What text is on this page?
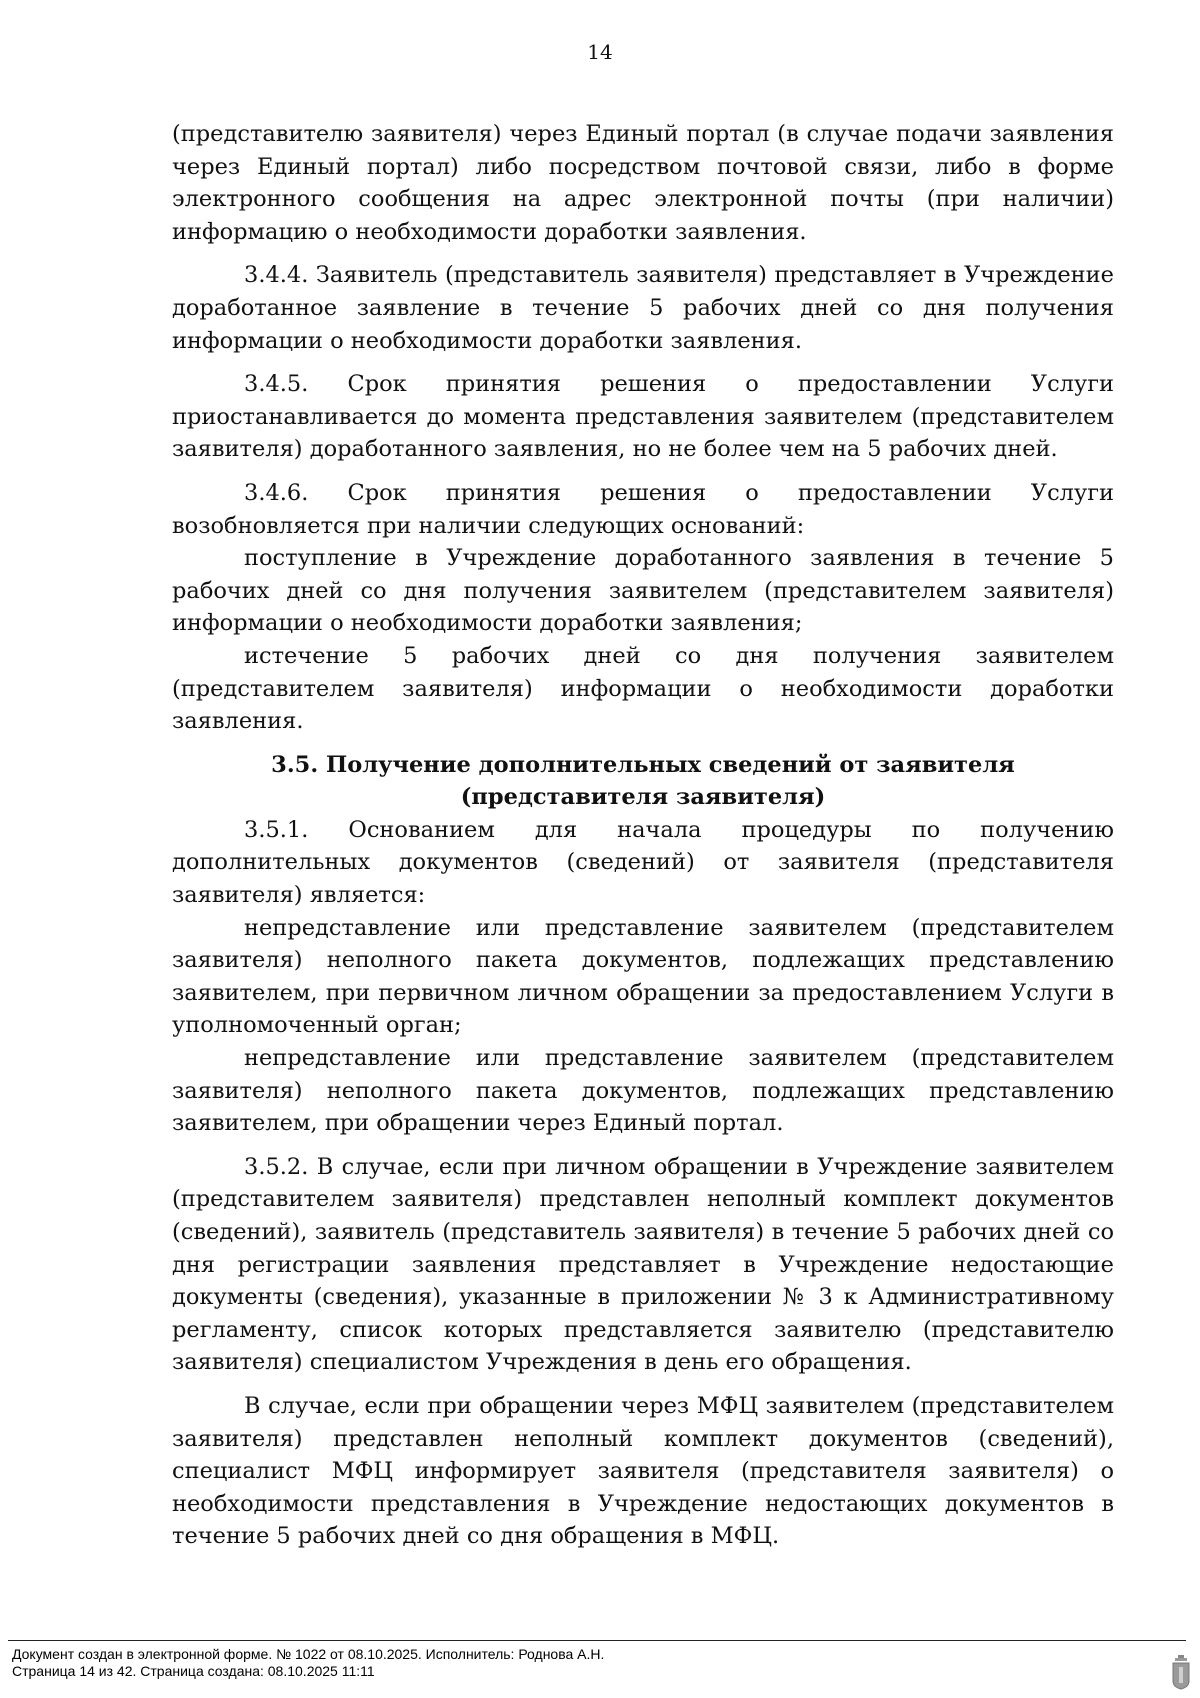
14

(представителю заявителя) через Единый портал (в случае подачи заявления через Единый портал) либо посредством почтовой связи, либо в форме электронного сообщения на адрес электронной почты (при наличии) информацию о необходимости доработки заявления.

3.4.4. Заявитель (представитель заявителя) представляет в Учреждение доработанное заявление в течение 5 рабочих дней со дня получения информации о необходимости доработки заявления.

3.4.5. Срок принятия решения о предоставлении Услуги приостанавливается до момента представления заявителем (представителем заявителя) доработанного заявления, но не более чем на 5 рабочих дней.

3.4.6. Срок принятия решения о предоставлении Услуги возобновляется при наличии следующих оснований:

поступление в Учреждение доработанного заявления в течение 5 рабочих дней со дня получения заявителем (представителем заявителя) информации о необходимости доработки заявления;

истечение 5 рабочих дней со дня получения заявителем (представителем заявителя) информации о необходимости доработки заявления.

3.5. Получение дополнительных сведений от заявителя (представителя заявителя)

3.5.1. Основанием для начала процедуры по получению дополнительных документов (сведений) от заявителя (представителя заявителя) является:

непредставление или представление заявителем (представителем заявителя) неполного пакета документов, подлежащих представлению заявителем, при первичном личном обращении за предоставлением Услуги в уполномоченный орган;

непредставление или представление заявителем (представителем заявителя) неполного пакета документов, подлежащих представлению заявителем, при обращении через Единый портал.

3.5.2. В случае, если при личном обращении в Учреждение заявителем (представителем заявителя) представлен неполный комплект документов (сведений), заявитель (представитель заявителя) в течение 5 рабочих дней со дня регистрации заявления представляет в Учреждение недостающие документы (сведения), указанные в приложении № 3 к Административному регламенту, список которых представляется заявителю (представителю заявителя) специалистом Учреждения в день его обращения.

В случае, если при обращении через МФЦ заявителем (представителем заявителя) представлен неполный комплект документов (сведений), специалист МФЦ информирует заявителя (представителя заявителя) о необходимости представления в Учреждение недостающих документов в течение 5 рабочих дней со дня обращения в МФЦ.

Документ создан в электронной форме. № 1022 от 08.10.2025. Исполнитель: Роднова А.Н.
Страница 14 из 42. Страница создана: 08.10.2025 11:11
